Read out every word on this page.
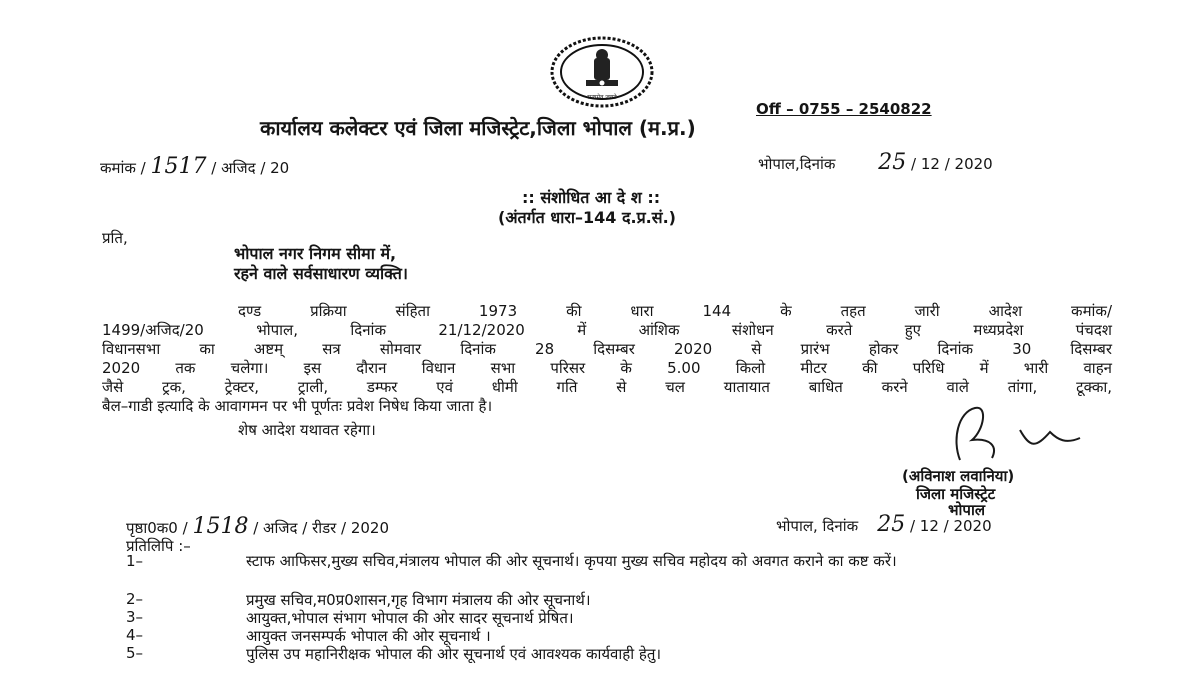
सत्यमेव जयते
Off – 0755 – 2540822
कार्यालय कलेक्टर एवं जिला मजिस्ट्रेट,जिला भोपाल (म.प्र.)
कमांक / 1517 / अजिद / 20	भोपाल,दिनांक 25 / 12 / 2020
:: संशोधित आ दे श ::
(अंतर्गत धारा–144 द.प्र.सं.)
प्रति,
भोपाल नगर निगम सीमा में,
रहने वाले सर्वसाधारण व्यक्ति।
दण्ड प्रक्रिया संहिता 1973 की धारा 144 के तहत जारी आदेश कमांक/
1499/अजिद/20 भोपाल, दिनांक 21/12/2020 में आंशिक संशोधन करते हुए मध्यप्रदेश पंचदश
विधानसभा का अष्टम् सत्र सोमवार दिनांक 28 दिसम्बर 2020 से प्रारंभ होकर दिनांक 30 दिसम्बर
2020 तक चलेगा। इस दौरान विधान सभा परिसर के 5.00 किलो मीटर की परिधि में भारी वाहन
जैसे ट्रक, ट्रेक्टर, ट्राली, डम्फर एवं धीमी गति से चल यातायात बाधित करने वाले तांगा, टूक्का,
बैल–गाडी इत्यादि के आवागमन पर भी पूर्णतः प्रवेश निषेध किया जाता है।
शेष आदेश यथावत रहेगा।
(अविनाश लवानिया)
जिला मजिस्ट्रेट
भोपाल
पृष्ठा0क0 / 1518 / अजिद / रीडर / 2020	भोपाल, दिनांक 25 / 12 / 2020
प्रतिलिपि :–
1–	स्टाफ आफिसर,मुख्य सचिव,मंत्रालय भोपाल की ओर सूचनार्थ। कृपया मुख्य सचिव महोदय को अवगत कराने का कष्ट करें।
2–	प्रमुख सचिव,म0प्र0शासन,गृह विभाग मंत्रालय की ओर सूचनार्थ।
3–	आयुक्त,भोपाल संभाग भोपाल की ओर सादर सूचनार्थ प्रेषित।
4–	आयुक्त जनसम्पर्क भोपाल की ओर सूचनार्थ ।
5–	पुलिस उप महानिरीक्षक भोपाल की ओर सूचनार्थ एवं आवश्यक कार्यवाही हेतु।
